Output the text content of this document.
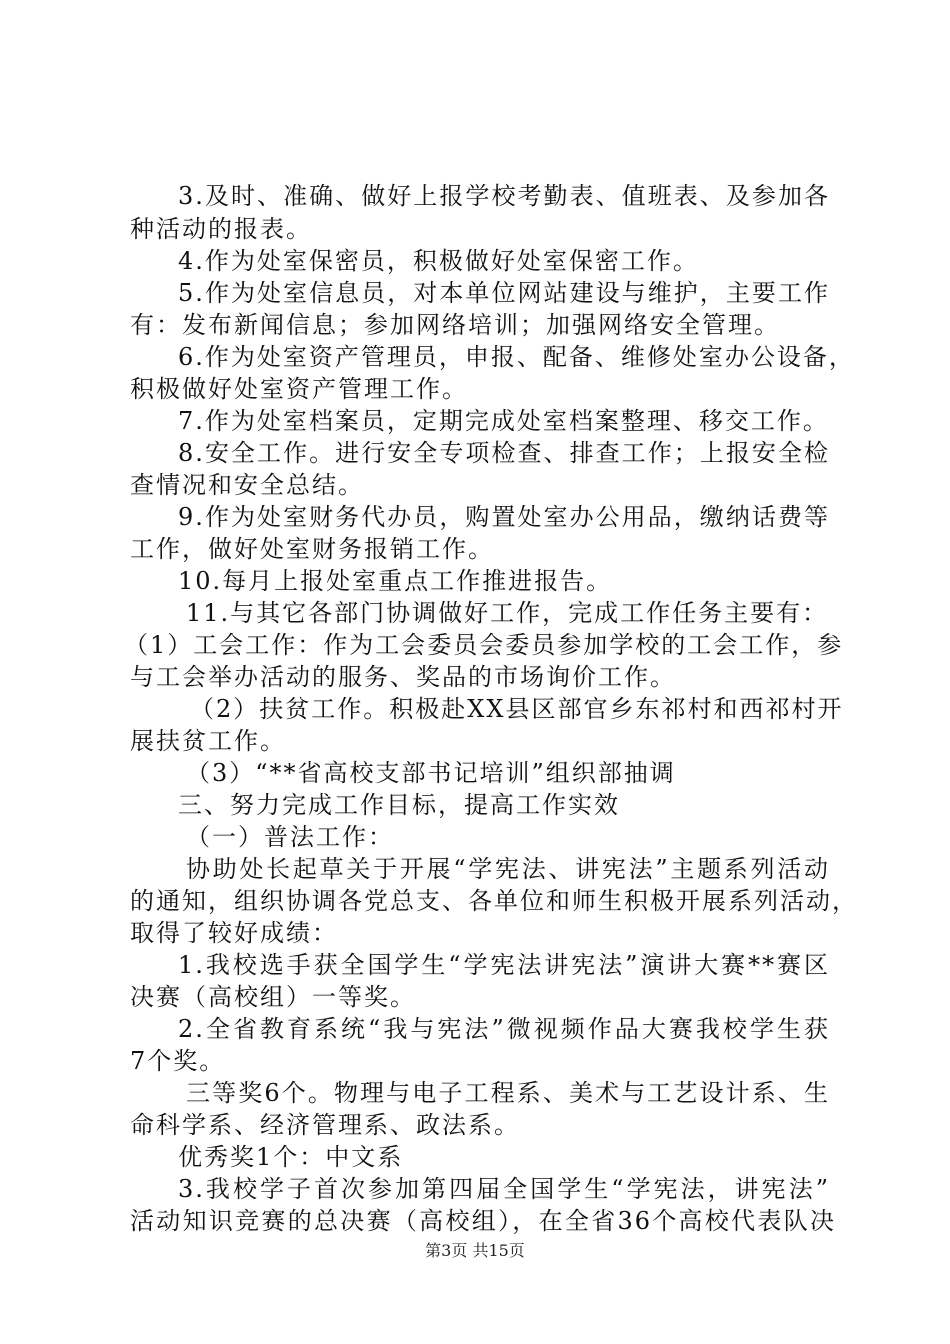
3.及时、准确、做好上报学校考勤表、值班表、及参加各
种活动的报表。
4.作为处室保密员，积极做好处室保密工作。
5.作为处室信息员，对本单位网站建设与维护，主要工作
有：发布新闻信息；参加网络培训；加强网络安全管理。
6.作为处室资产管理员，申报、配备、维修处室办公设备，
积极做好处室资产管理工作。
7.作为处室档案员，定期完成处室档案整理、移交工作。
8.安全工作。进行安全专项检查、排查工作；上报安全检
查情况和安全总结。
9.作为处室财务代办员，购置处室办公用品，缴纳话费等
工作，做好处室财务报销工作。
10.每月上报处室重点工作推进报告。
11.与其它各部门协调做好工作，完成工作任务主要有：
（1）工会工作：作为工会委员会委员参加学校的工会工作，参
与工会举办活动的服务、奖品的市场询价工作。
（2）扶贫工作。积极赴XX县区部官乡东祁村和西祁村开
展扶贫工作。
（3）“**省高校支部书记培训”组织部抽调
三、努力完成工作目标，提高工作实效
（一）普法工作：
协助处长起草关于开展“学宪法、讲宪法”主题系列活动
的通知，组织协调各党总支、各单位和师生积极开展系列活动，
取得了较好成绩：
1.我校选手获全国学生“学宪法讲宪法”演讲大赛**赛区
决赛（高校组）一等奖。
2.全省教育系统“我与宪法”微视频作品大赛我校学生获
7个奖。
三等奖6个。物理与电子工程系、美术与工艺设计系、生
命科学系、经济管理系、政法系。
优秀奖1个：中文系
3.我校学子首次参加第四届全国学生“学宪法，讲宪法”
活动知识竞赛的总决赛（高校组），在全省36个高校代表队决
第3页 共15页
